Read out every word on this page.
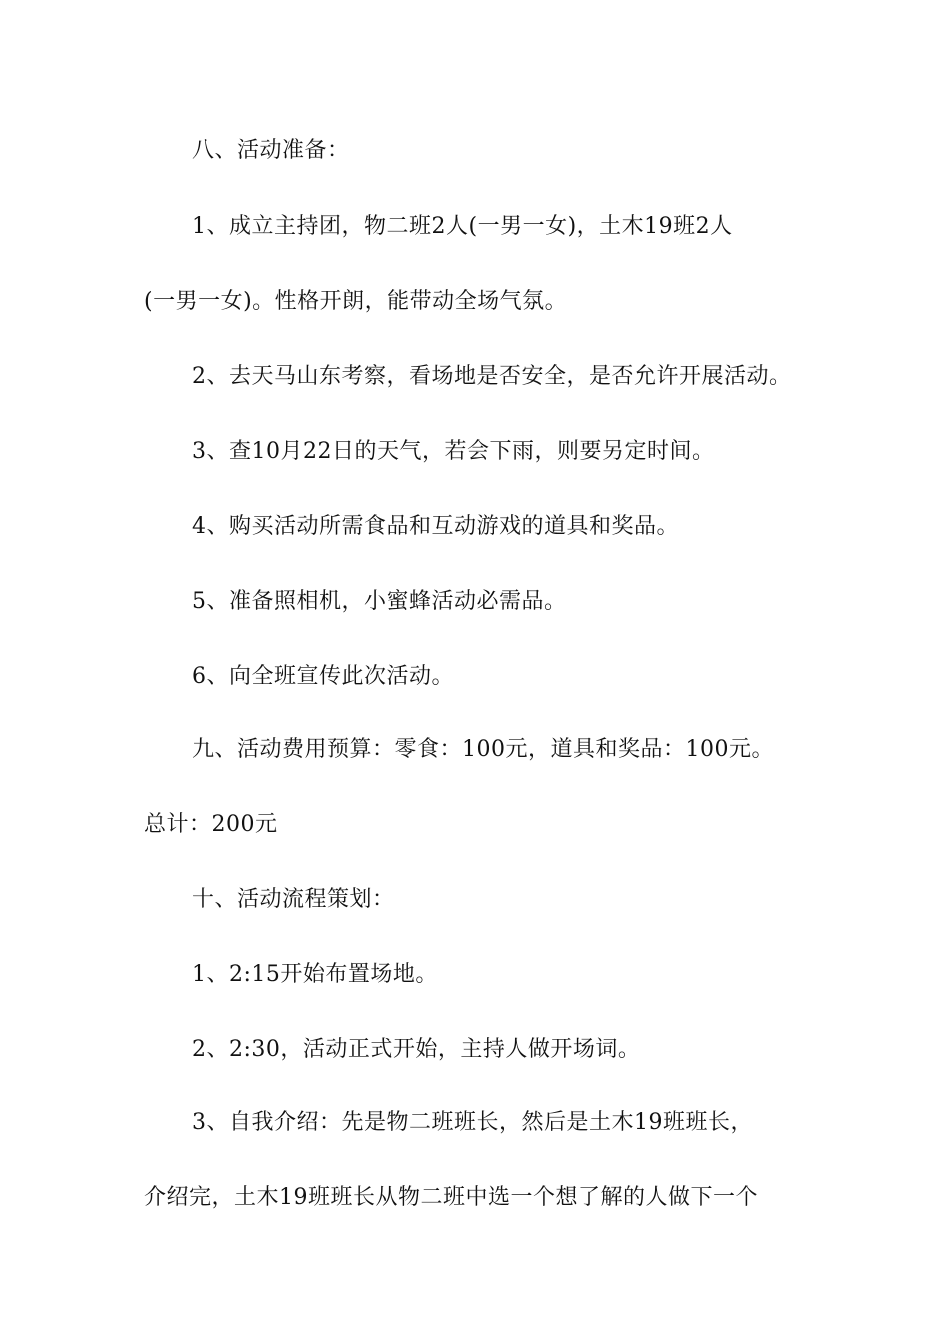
八、活动准备：
1、成立主持团，物二班2人(一男一女)，土木19班2人
(一男一女)。性格开朗，能带动全场气氛。
2、去天马山东考察，看场地是否安全，是否允许开展活动。
3、查10月22日的天气，若会下雨，则要另定时间。
4、购买活动所需食品和互动游戏的道具和奖品。
5、准备照相机，小蜜蜂活动必需品。
6、向全班宣传此次活动。
九、活动费用预算：零食：100元，道具和奖品：100元。
总计：200元
十、活动流程策划：
1、2:15开始布置场地。
2、2:30，活动正式开始，主持人做开场词。
3、自我介绍：先是物二班班长，然后是土木19班班长，
介绍完，土木19班班长从物二班中选一个想了解的人做下一个
